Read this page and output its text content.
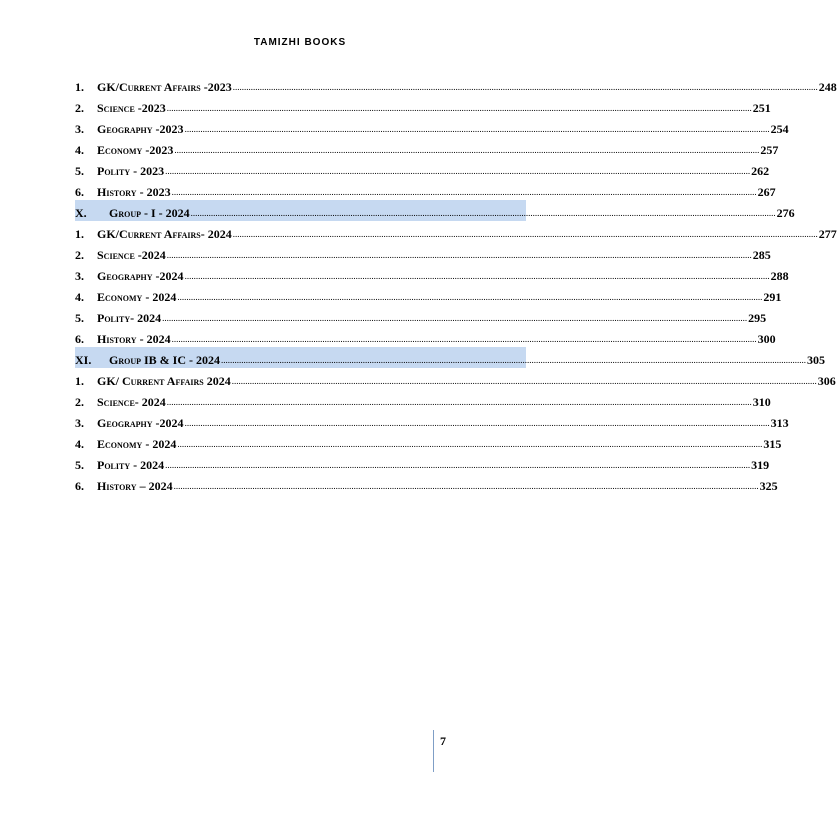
TAMIZHI BOOKS
1.	GK/Current Affairs -2023 .................................................................................................................................................................................................................................................................... 248
2.	Science -2023 .................................................................................................................................................................................................................................................................... 251
3.	Geography -2023 .................................................................................................................................................................................................................................................................... 254
4.	Economy -2023 .................................................................................................................................................................................................................................................................... 257
5.	Polity - 2023 .................................................................................................................................................................................................................................................................... 262
6.	History - 2023 .................................................................................................................................................................................................................................................................... 267
X.	Group - I - 2024 .................................................................................................................................................................................................................................................................... 276
1.	GK/Current Affairs- 2024 .................................................................................................................................................................................................................................................................... 277
2.	Science -2024 .................................................................................................................................................................................................................................................................... 285
3.	Geography -2024 .................................................................................................................................................................................................................................................................... 288
4.	Economy - 2024 .................................................................................................................................................................................................................................................................... 291
5.	Polity- 2024 .................................................................................................................................................................................................................................................................... 295
6.	History - 2024 .................................................................................................................................................................................................................................................................... 300
XI.	Group IB & IC - 2024 .................................................................................................................................................................................................................................................................... 305
1.	GK/ Current Affairs 2024 .................................................................................................................................................................................................................................................................... 306
2.	Science- 2024 .................................................................................................................................................................................................................................................................... 310
3.	Geography -2024 .................................................................................................................................................................................................................................................................... 313
4.	Economy - 2024 .................................................................................................................................................................................................................................................................... 315
5.	Polity - 2024 .................................................................................................................................................................................................................................................................... 319
6.	History – 2024 .................................................................................................................................................................................................................................................................... 325
7
